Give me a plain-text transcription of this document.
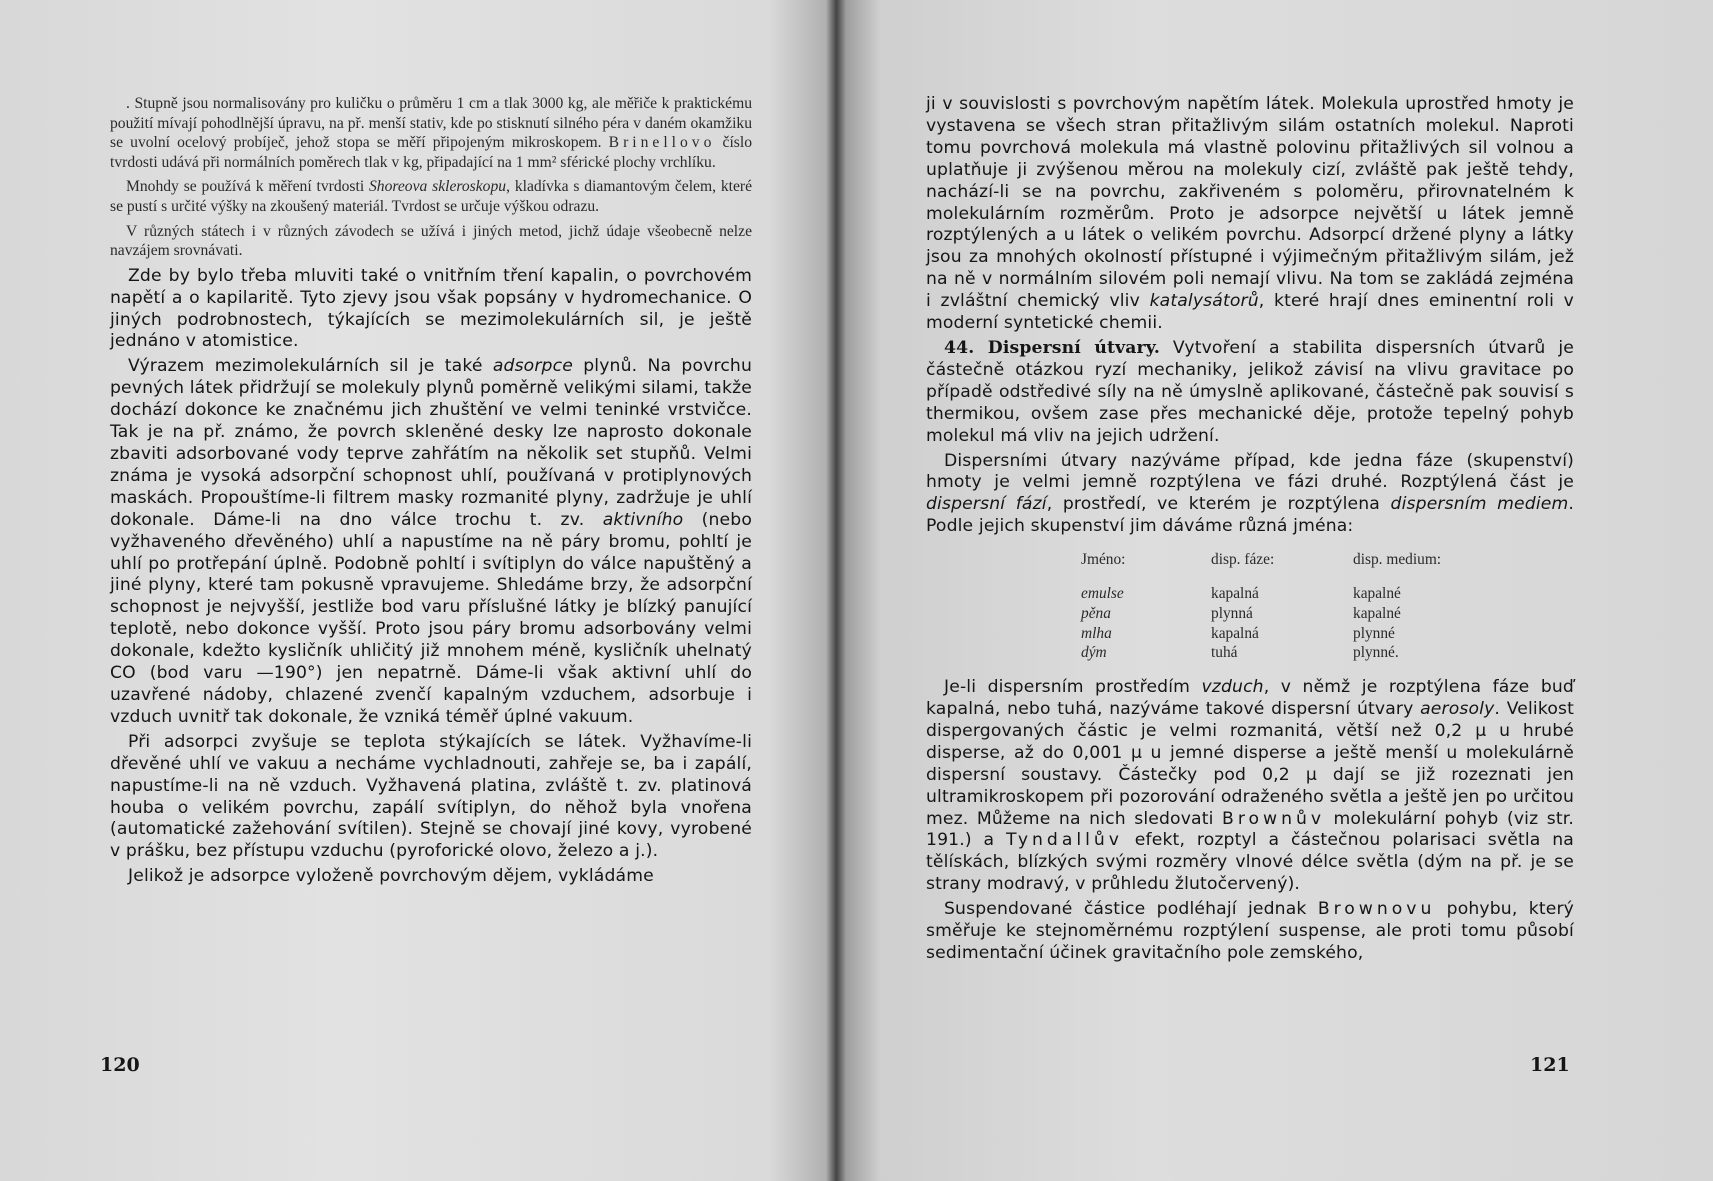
. Stupně jsou normalisovány pro kuličku o průměru 1 cm a tlak 3000 kg, ale měřiče k praktickému použití mívají pohodlnější úpravu, na př. menší stativ, kde po stisknutí silného péra v daném okamžiku se uvolní ocelový probíječ, jehož stopa se měří připojeným mikroskopem. Brinellovo číslo tvrdosti udává při normálních poměrech tlak v kg, připadající na 1 mm² sférické plochy vrchlíku.

Mnohdy se používá k měření tvrdosti Shoreova skleroskopu, kladívka s diamantovým čelem, které se pustí s určité výšky na zkoušený materiál. Tvrdost se určuje výškou odrazu.

V různých státech i v různých závodech se užívá i jiných metod, jichž údaje všeobecně nelze navzájem srovnávati.

Zde by bylo třeba mluviti také o vnitřním tření kapalin, o povrchovém napětí a o kapilaritě. Tyto zjevy jsou však popsány v hydromechanice. O jiných podrobnostech, týkajících se mezimolekulárních sil, je ještě jednáno v atomistice.

Výrazem mezimolekulárních sil je také adsorpce plynů. Na povrchu pevných látek přidržují se molekuly plynů poměrně velikými silami, takže dochází dokonce ke značnému jich zhuštění ve velmi teninké vrstvičce. Tak je na př. známo, že povrch skleněné desky lze naprosto dokonale zbaviti adsorbované vody teprve zahřátím na několik set stupňů. Velmi známa je vysoká adsorpční schopnost uhlí, používaná v protiplynových maskách. Propouštíme-li filtrem masky rozmanité plyny, zadržuje je uhlí dokonale. Dáme-li na dno válce trochu t. zv. aktivního (nebo vyžhaveného dřevěného) uhlí a napustíme na ně páry bromu, pohltí je uhlí po protřepání úplně. Podobně pohltí i svítiplyn do válce napuštěný a jiné plyny, které tam pokusně vpravujeme. Shledáme brzy, že adsorpční schopnost je nejvyšší, jestliže bod varu příslušné látky je blízký panující teplotě, nebo dokonce vyšší. Proto jsou páry bromu adsorbovány velmi dokonale, kdežto kysličník uhličitý již mnohem méně, kysličník uhelnatý CO (bod varu —190°) jen nepatrně. Dáme-li však aktivní uhlí do uzavřené nádoby, chlazené zvenčí kapalným vzduchem, adsorbuje i vzduch uvnitř tak dokonale, že vzniká téměř úplné vakuum.

Při adsorpci zvyšuje se teplota stýkajících se látek. Vyžhavíme-li dřevěné uhlí ve vakuu a necháme vychladnouti, zahřeje se, ba i zapálí, napustíme-li na ně vzduch. Vyžhavená platina, zvláště t. zv. platinová houba o velikém povrchu, zapálí svítiplyn, do něhož byla vnořena (automatické zažehování svítilen). Stejně se chovají jiné kovy, vyrobené v prášku, bez přístupu vzduchu (pyroforické olovo, železo a j.).

Jelikož je adsorpce vyloženě povrchovým dějem, vykládáme

120

ji v souvislosti s povrchovým napětím látek. Molekula uprostřed hmoty je vystavena se všech stran přitažlivým silám ostatních molekul. Naproti tomu povrchová molekula má vlastně polovinu přitažlivých sil volnou a uplatňuje ji zvýšenou měrou na molekuly cizí, zvláště pak ještě tehdy, nachází-li se na povrchu, zakřiveném s poloměru, přirovnatelném k molekulárním rozměrům. Proto je adsorpce největší u látek jemně rozptýlených a u látek o velikém povrchu. Adsorpcí držené plyny a látky jsou za mnohých okolností přístupné i výjimečným přitažlivým silám, jež na ně v normálním silovém poli nemají vlivu. Na tom se zakládá zejména i zvláštní chemický vliv katalysátorů, které hrají dnes eminentní roli v moderní syntetické chemii.

44. Dispersní útvary. Vytvoření a stabilita dispersních útvarů je částečně otázkou ryzí mechaniky, jelikož závisí na vlivu gravitace po případě odstředivé síly na ně úmyslně aplikované, částečně pak souvisí s thermikou, ovšem zase přes mechanické děje, protože tepelný pohyb molekul má vliv na jejich udržení.

Dispersními útvary nazýváme případ, kde jedna fáze (skupenství) hmoty je velmi jemně rozptýlena ve fázi druhé. Rozptýlená část je dispersní fází, prostředí, ve kterém je rozptýlena dispersním mediem. Podle jejich skupenství jim dáváme různá jména:

Jméno:	disp. fáze:	disp. medium:
emulse	kapalná	kapalné
pěna	plynná	kapalné
mlha	kapalná	plynné
dým	tuhá	plynné.

Je-li dispersním prostředím vzduch, v němž je rozptýlena fáze buď kapalná, nebo tuhá, nazýváme takové dispersní útvary aerosoly. Velikost dispergovaných částic je velmi rozmanitá, větší než 0,2 μ u hrubé disperse, až do 0,001 μ u jemné disperse a ještě menší u molekulárně dispersní soustavy. Částečky pod 0,2 μ dají se již rozeznati jen ultramikroskopem při pozorování odraženého světla a ještě jen po určitou mez. Můžeme na nich sledovati Brownův molekulární pohyb (viz str. 191.) a Tyndallův efekt, rozptyl a částečnou polarisaci světla na tělískách, blízkých svými rozměry vlnové délce světla (dým na př. je se strany modravý, v průhledu žlutočervený).

Suspendované částice podléhají jednak Brownovu pohybu, který směřuje ke stejnoměrnému rozptýlení suspense, ale proti tomu působí sedimentační účinek gravitačního pole zemského,

121
